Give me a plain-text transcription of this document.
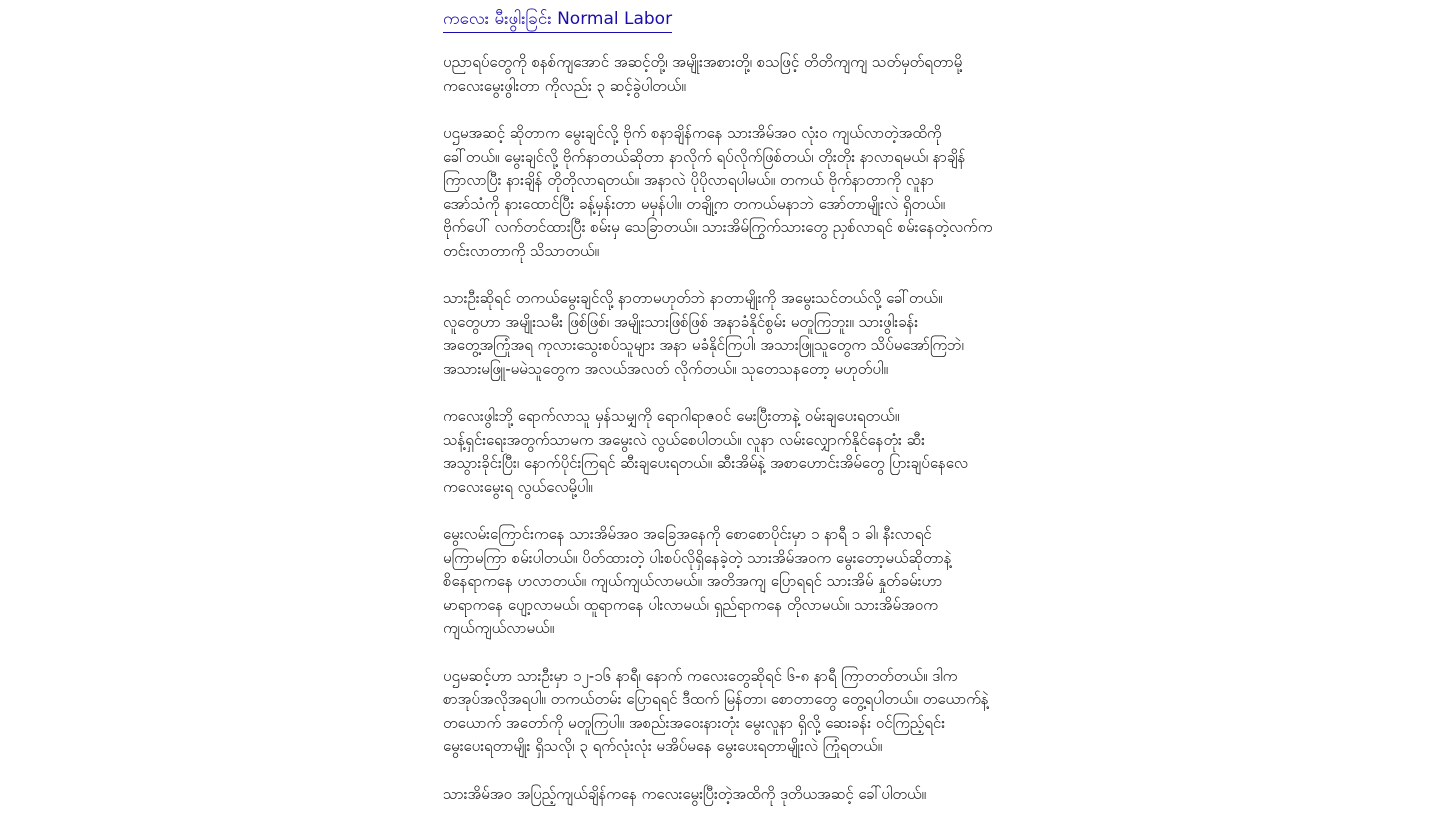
ကလေး မီးဖွါးခြင်း Normal Labor

ပညာရပ်တွေကို စနစ်ကျအောင် အဆင့်တို့၊ အမျိုးအစားတို့၊ စသဖြင့် တိတိကျကျ သတ်မှတ်ရတာမို့
ကလေးမွေးဖွါးတာ ကိုလည်း ၃ ဆင့်ခွဲပါတယ်။

ပဌမအဆင့် ဆိုတာက မွေးချင်လို့ ဗိုက် စနာချိန်ကနေ သားအိမ်အဝ လုံးဝ ကျယ်လာတဲ့အထိကို
ခေါ်တယ်။ မွေးချင်လို့ ဗိုက်နာတယ်ဆိုတာ နာလိုက် ရပ်လိုက်ဖြစ်တယ်၊ တိုးတိုး နာလာရမယ်၊ နာချိန်
ကြာလာပြီး နားချိန် တိုတိုလာရတယ်။ အနာလဲ ပိုပိုလာရပါမယ်။ တကယ် ဗိုက်နာတာကို လူနာ
အော်သံကို နားထောင်ပြီး ခန့်မှန်းတာ မမှန်ပါ။ တချို့က တကယ်မနာဘဲ အော်တာမျိုးလဲ ရှိတယ်။
ဗိုက်ပေါ် လက်တင်ထားပြီး စမ်းမှ သေခြာတယ်။ သားအိမ်ကြွက်သားတွေ ညှစ်လာရင် စမ်းနေတဲ့လက်က
တင်းလာတာကို သိသာတယ်။

သားဦးဆိုရင် တကယ်မွေးချင်လို့ နာတာမဟုတ်ဘဲ နာတာမျိုးကို အမွေးသင်တယ်လို့ ခေါ်တယ်။
လူတွေဟာ အမျိုးသမီး ဖြစ်ဖြစ်၊ အမျိုးသားဖြစ်ဖြစ် အနာခံနိုင်စွမ်း မတူကြဘူး။ သားဖွါးခန်း
အတွေ့အကြုံအရ ကုလားသွေးစပ်သူများ အနာ မခံနိုင်ကြပါ၊ အသားဖြူသူတွေက သိပ်မအော်ကြဘဲ၊
အသားမဖြူ-မမဲသူတွေက အလယ်အလတ် လိုက်တယ်။ သုတေသနတော့ မဟုတ်ပါ။

ကလေးဖွါးဘို့ ရောက်လာသူ မှန်သမျှကို ရောဂါရာဇဝင် မေးပြီးတာနဲ့ ဝမ်းချပေးရတယ်။
သန့်ရှင်းရေးအတွက်သာမက အမွေးလဲ လွယ်စေပါတယ်။ လူနာ လမ်းလျှောက်နိုင်နေတုံး ဆီး
အသွားခိုင်းပြီး၊ နောက်ပိုင်းကြရင် ဆီးချပေးရတယ်။ ဆီးအိမ်နဲ့ အစာဟောင်းအိမ်တွေ ပြားချပ်နေလေ
ကလေးမွေးရ လွယ်လေမို့ပါ။

မွေးလမ်းကြောင်းကနေ သားအိမ်အဝ အခြေအနေကို စောစောပိုင်းမှာ ၁ နာရီ ၁ ခါ၊ နီးလာရင်
မကြာမကြာ စမ်းပါတယ်။ ပိတ်ထားတဲ့ ပါးစပ်လိုရှိနေခဲ့တဲ့ သားအိမ်အဝက မွေးတော့မယ်ဆိုတာနဲ့
စိနေရာကနေ ဟလာတယ်။ ကျယ်ကျယ်လာမယ်။ အတိအကျ ပြောရရင် သားအိမ် နှုတ်ခမ်းဟာ
မာရာကနေ ပျော့လာမယ်၊ ထူရာကနေ ပါးလာမယ်၊ ရှည်ရာကနေ တိုလာမယ်။ သားအိမ်အဝက
ကျယ်ကျယ်လာမယ်။

ပဌမဆင့်ဟာ သားဦးမှာ ၁၂-၁၆ နာရီ၊ နောက် ကလေးတွေဆိုရင် ၆-၈ နာရီ ကြာတတ်တယ်။ ဒါက
စာအုပ်အလိုအရပါ။ တကယ်တမ်း ပြောရရင် ဒီထက် မြန်တာ၊ စောတာတွေ တွေ့ရပါတယ်။ တယောက်နဲ့
တယောက် အတော်ကို မတူကြပါ။ အစည်းအဝေးနားတုံး မွေးလူနာ ရှိလို့ ဆေးခန်း ဝင်ကြည့်ရင်း
မွေးပေးရတာမျိုး ရှိသလို၊ ၃ ရက်လုံးလုံး မအိပ်မနေ မွေးပေးရတာမျိုးလဲ ကြုံရတယ်။

သားအိမ်အဝ အပြည့်ကျယ်ချိန်ကနေ ကလေးမွေးပြီးတဲ့အထိကို ဒုတိယအဆင့် ခေါ်ပါတယ်။
